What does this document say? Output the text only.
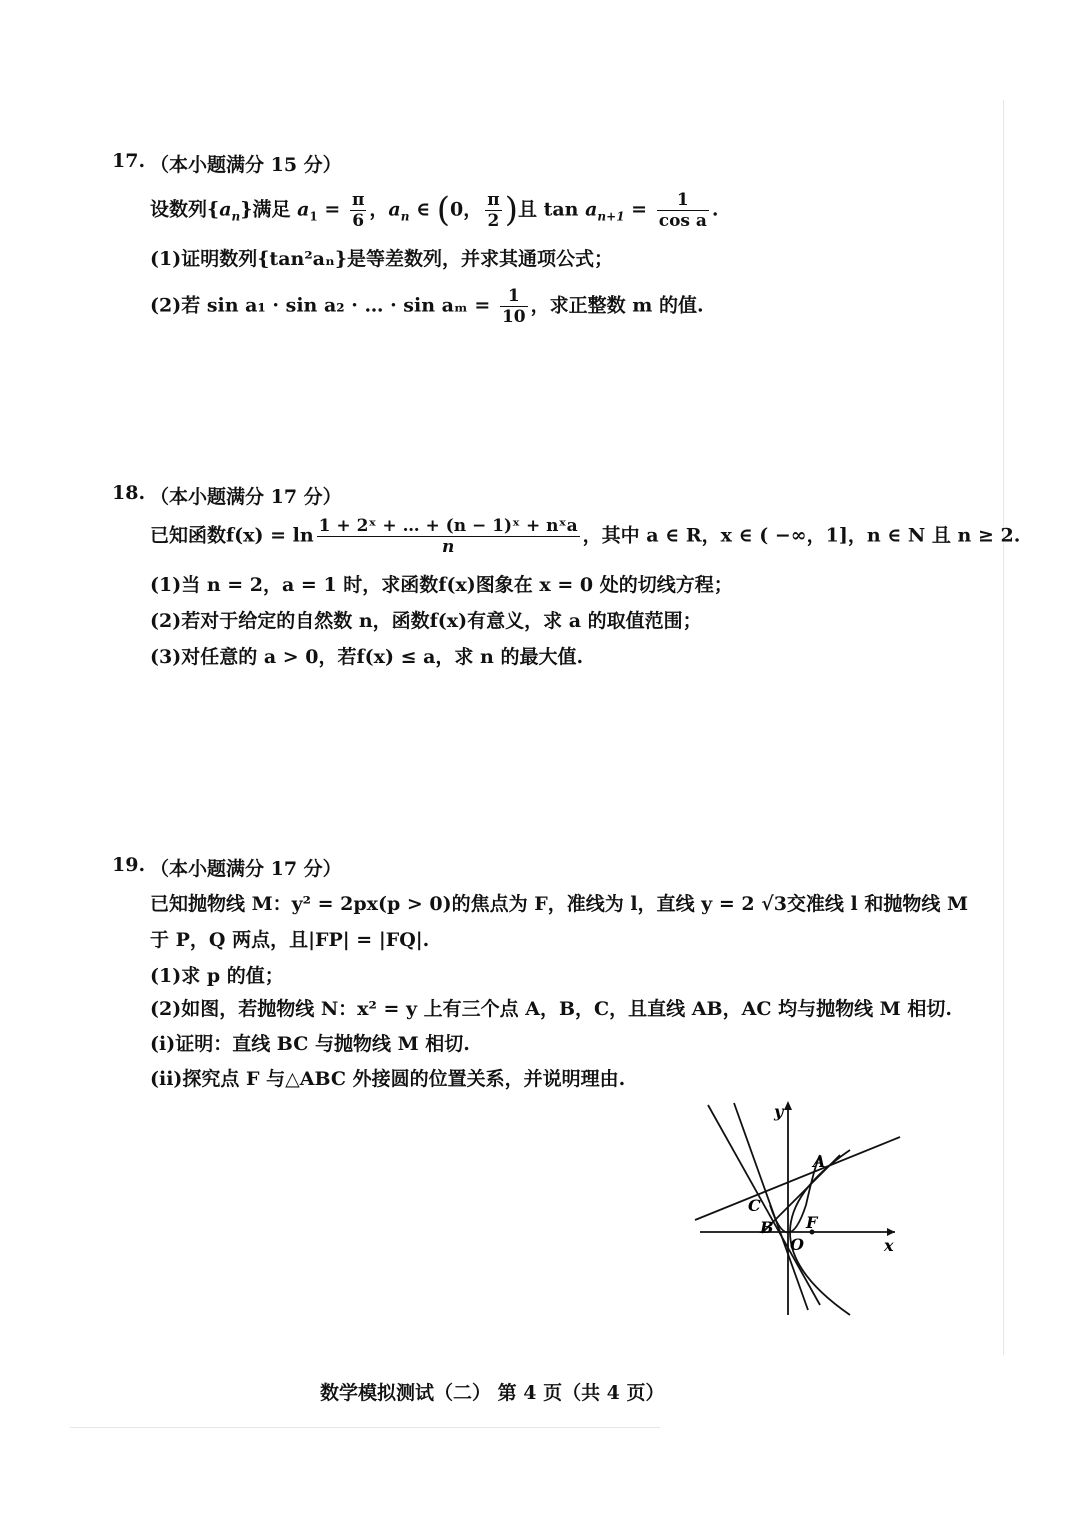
17. （本小题满分 15 分）
设数列$\{a_n\}$满足 $a_1 = \frac{\pi}{6}$ ，$a_n$ ∈ (0， $\frac{\pi}{2}$ )且 $\tan a_{n+1} = \frac{1}{\text{cos a}}$ .
(1)证明数列{tan²aₙ}是等差数列，并求其通项公式；
(2)若 sin a₁ · sin a₂ · … · $\sin a_m = \frac{1}{10}$ ，求正整数 m 的值.
18. （本小题满分 17 分）
已知函数$f(x) = \ln \frac{\text{1 + 2ˣ + … + (n − 1)ˣ + nˣa}}{n}$ ，其中 a ∈ R，x ∈ ( −∞，1]，n ∈ N 且 n ≥ 2.
(1)当 n = 2，a = 1 时，求函数f(x)图象在 x = 0 处的切线方程；
(2)若对于给定的自然数 n，函数f(x)有意义，求 a 的取值范围；
(3)对任意的 a > 0，若f(x) ≤ a，求 n 的最大值.
19. （本小题满分 17 分）
已知抛物线 M：y² = 2px(p > 0)的焦点为 F，准线为 l，直线 y = 2 √3交准线 l 和抛物线 M
于 P，Q 两点，且|FP| = |FQ|.
(1)求 p 的值；
(2)如图，若抛物线 N：x² = y 上有三个点 A，B，C，且直线 AB，AC 均与抛物线 M 相切.
(i)证明：直线 BC 与抛物线 M 相切.
(ii)探究点 F 与△ABC 外接圆的位置关系，并说明理由.
y
x
A
B
C
O
F
数学模拟测试（二） 第 4 页（共 4 页）
